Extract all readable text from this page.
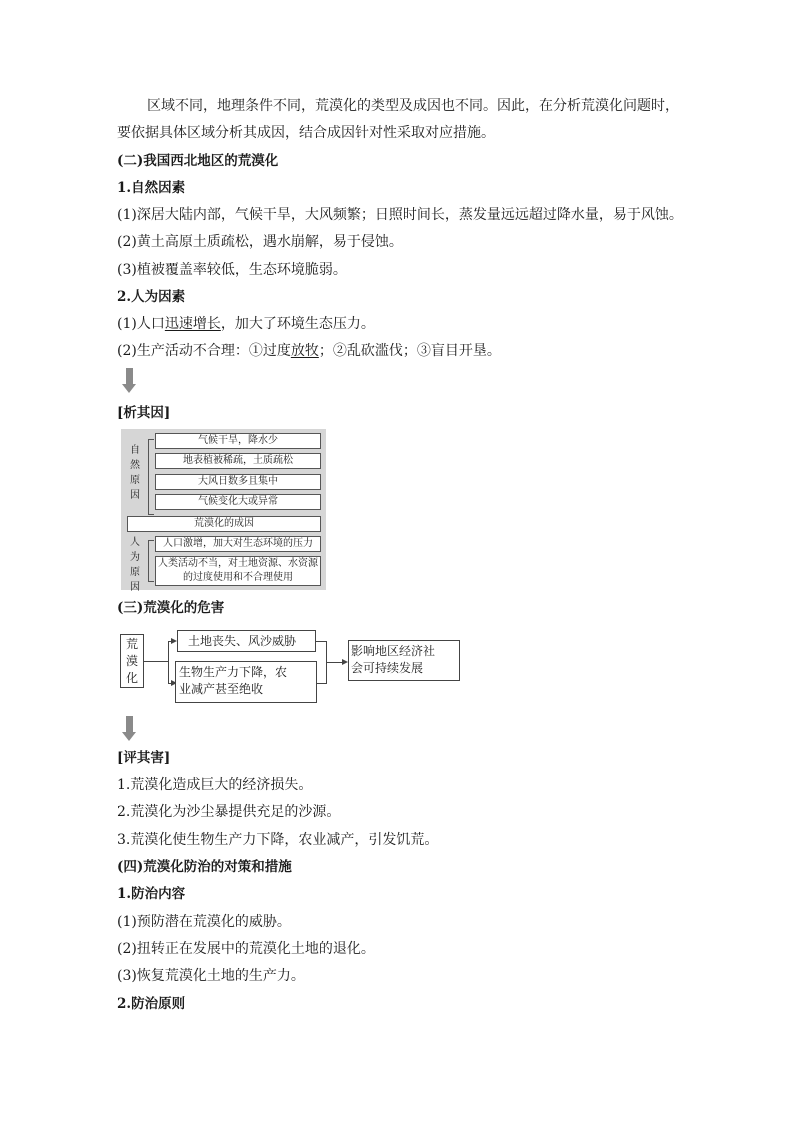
区域不同，地理条件不同，荒漠化的类型及成因也不同。因此，在分析荒漠化问题时，
要依据具体区域分析其成因，结合成因针对性采取对应措施。
(二)我国西北地区的荒漠化
1.自然因素
(1)深居大陆内部，气候干旱，大风频繁；日照时间长，蒸发量远远超过降水量，易于风蚀。
(2)黄土高原土质疏松，遇水崩解，易于侵蚀。
(3)植被覆盖率较低，生态环境脆弱。
2.人为因素
(1)人口迅速增长，加大了环境生态压力。
(2)生产活动不合理：①过度放牧；②乱砍滥伐；③盲目开垦。
[析其因]
自然原因
气候干旱，降水少
地表植被稀疏，土质疏松
大风日数多且集中
气候变化大或异常
荒漠化的成因
人为原因
人口激增，加大对生态环境的压力
人类活动不当，对土地资源、水资源
的过度使用和不合理使用
(三)荒漠化的危害
荒漠化
土地丧失、风沙威胁
生物生产力下降，农
业减产甚至绝收
影响地区经济社
会可持续发展
[评其害]
1.荒漠化造成巨大的经济损失。
2.荒漠化为沙尘暴提供充足的沙源。
3.荒漠化使生物生产力下降，农业减产，引发饥荒。
(四)荒漠化防治的对策和措施
1.防治内容
(1)预防潜在荒漠化的威胁。
(2)扭转正在发展中的荒漠化土地的退化。
(3)恢复荒漠化土地的生产力。
2.防治原则
